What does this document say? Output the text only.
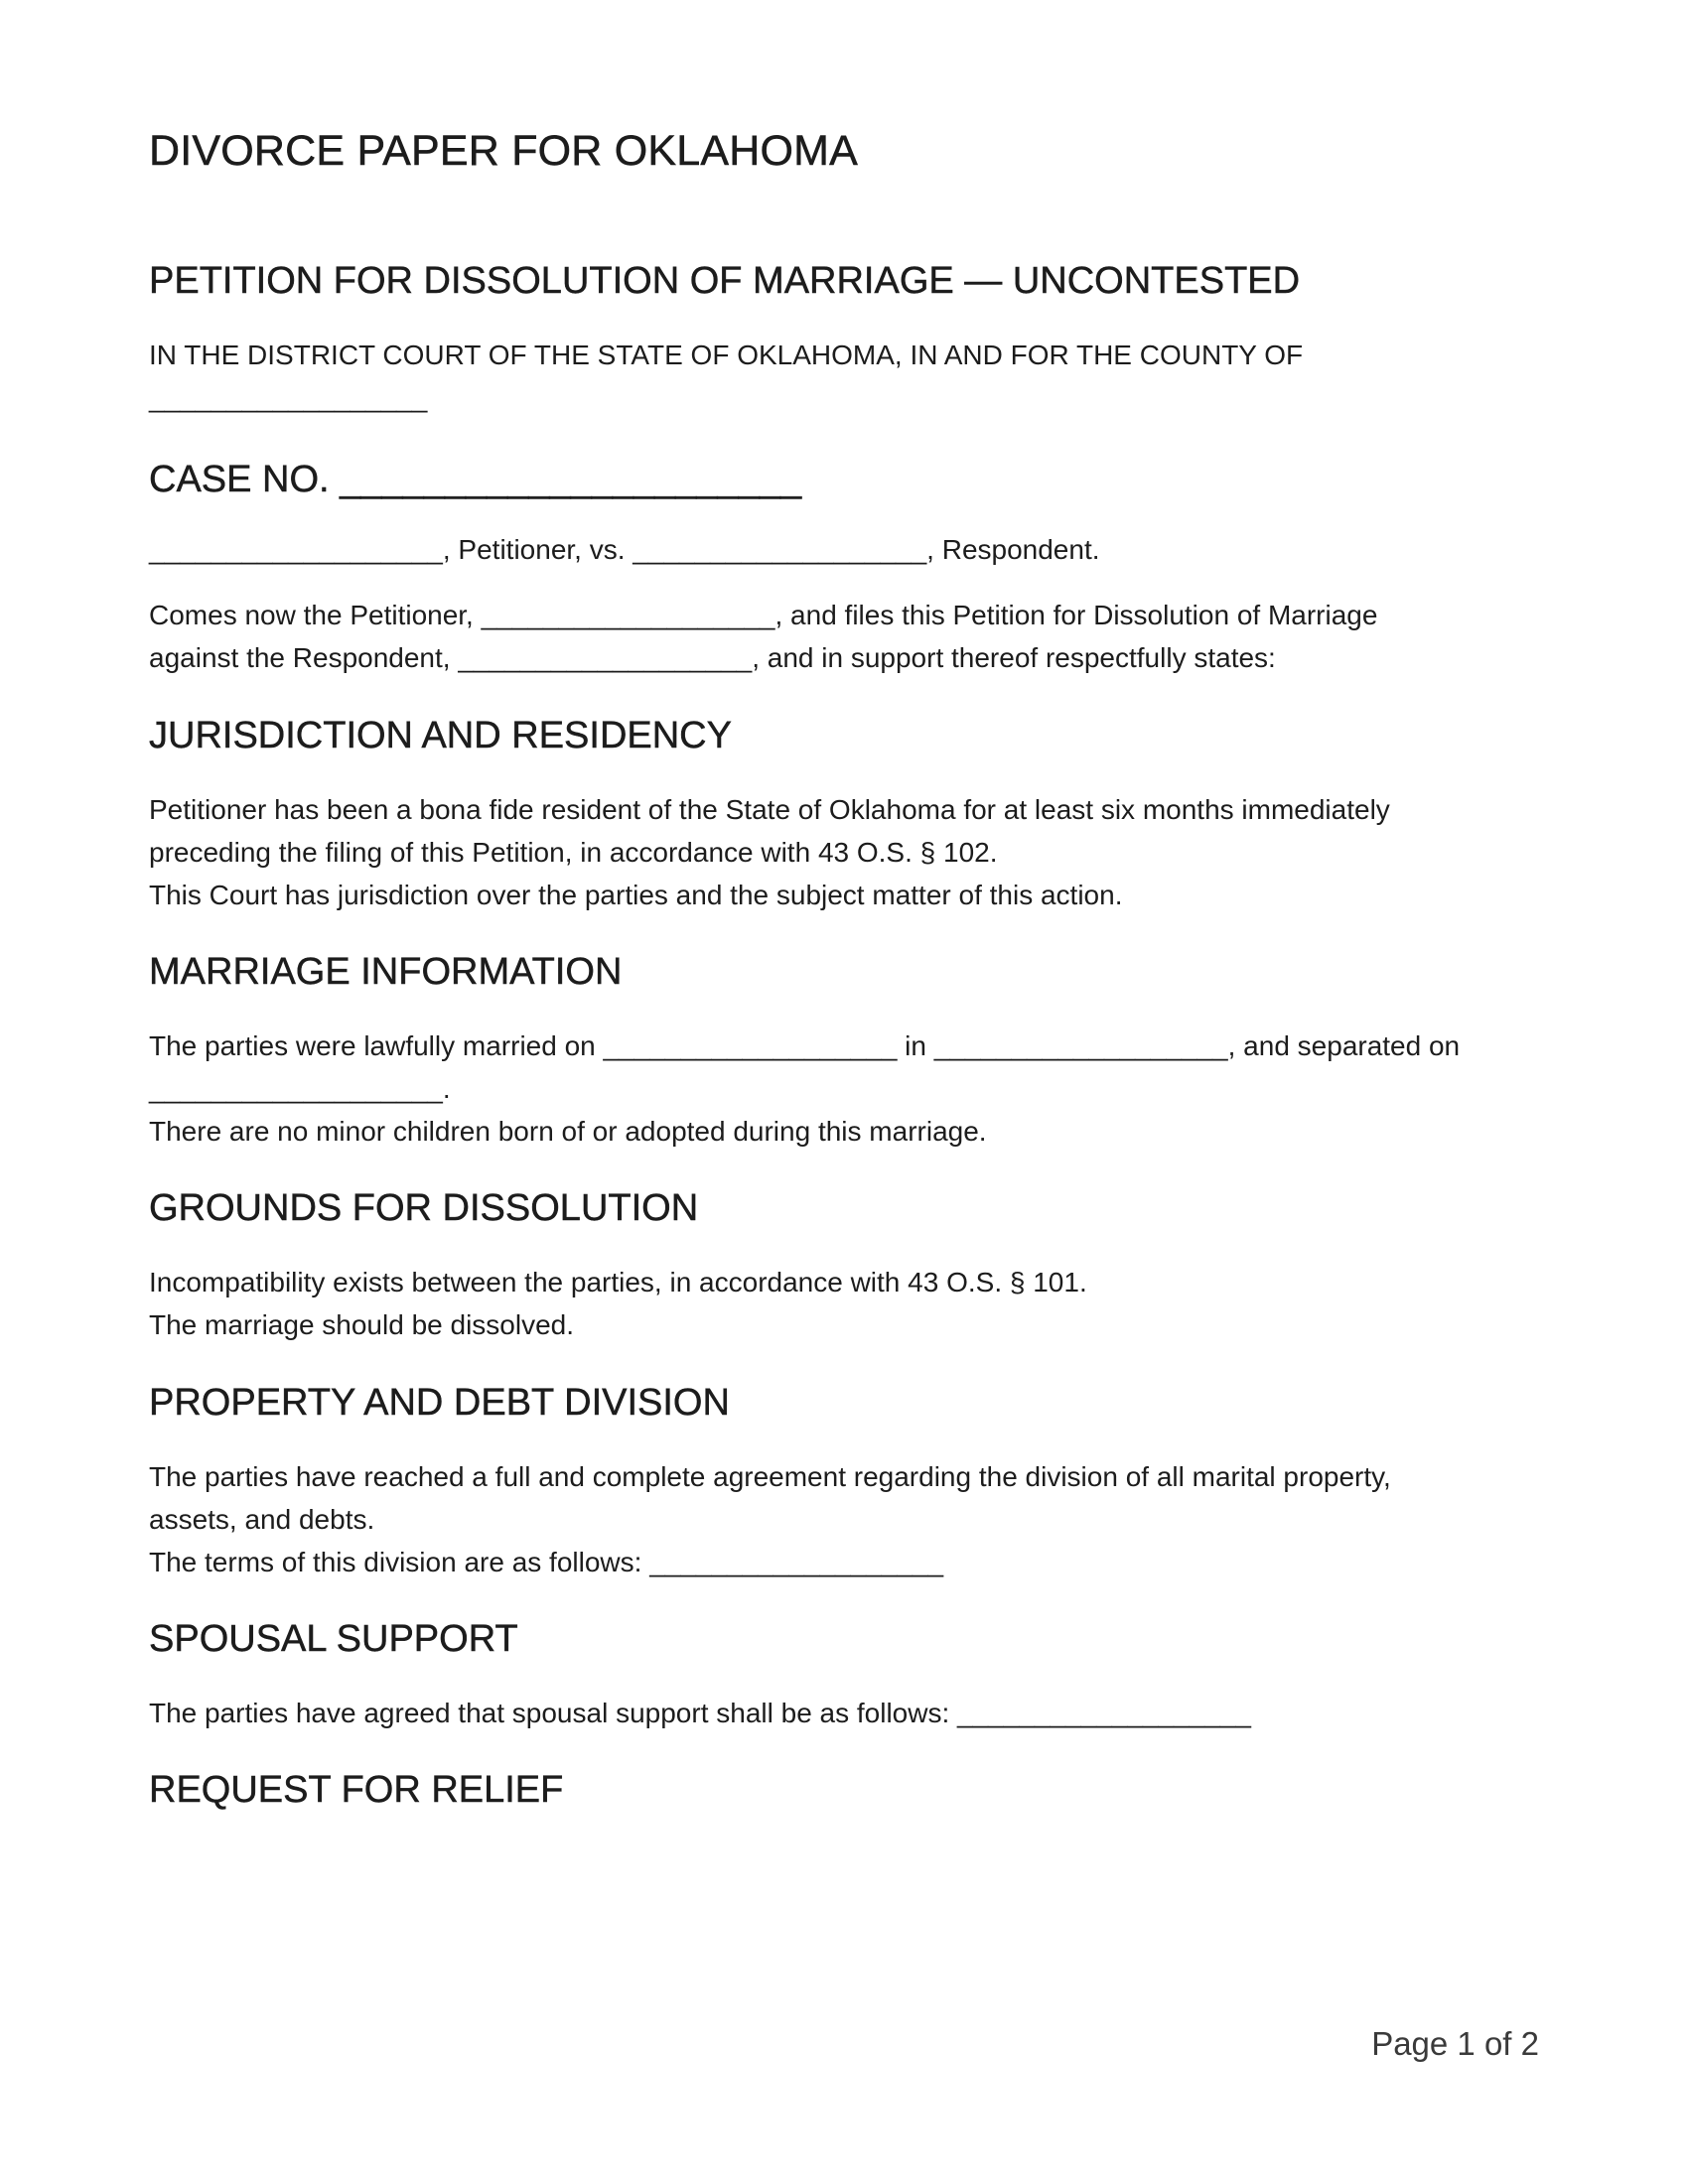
DIVORCE PAPER FOR OKLAHOMA
PETITION FOR DISSOLUTION OF MARRIAGE — UNCONTESTED

IN THE DISTRICT COURT OF THE STATE OF OKLAHOMA, IN AND FOR THE COUNTY OF
__________________

CASE NO. ______________________

___________________, Petitioner, vs. ___________________, Respondent.

Comes now the Petitioner, ___________________, and files this Petition for Dissolution of Marriage
against the Respondent, ___________________, and in support thereof respectfully states:

JURISDICTION AND RESIDENCY

Petitioner has been a bona fide resident of the State of Oklahoma for at least six months immediately
preceding the filing of this Petition, in accordance with 43 O.S. § 102.
This Court has jurisdiction over the parties and the subject matter of this action.

MARRIAGE INFORMATION

The parties were lawfully married on ___________________ in ___________________, and separated on
___________________.
There are no minor children born of or adopted during this marriage.

GROUNDS FOR DISSOLUTION

Incompatibility exists between the parties, in accordance with 43 O.S. § 101.
The marriage should be dissolved.

PROPERTY AND DEBT DIVISION

The parties have reached a full and complete agreement regarding the division of all marital property,
assets, and debts.
The terms of this division are as follows: ___________________

SPOUSAL SUPPORT

The parties have agreed that spousal support shall be as follows: ___________________

REQUEST FOR RELIEF
Page 1 of 2
